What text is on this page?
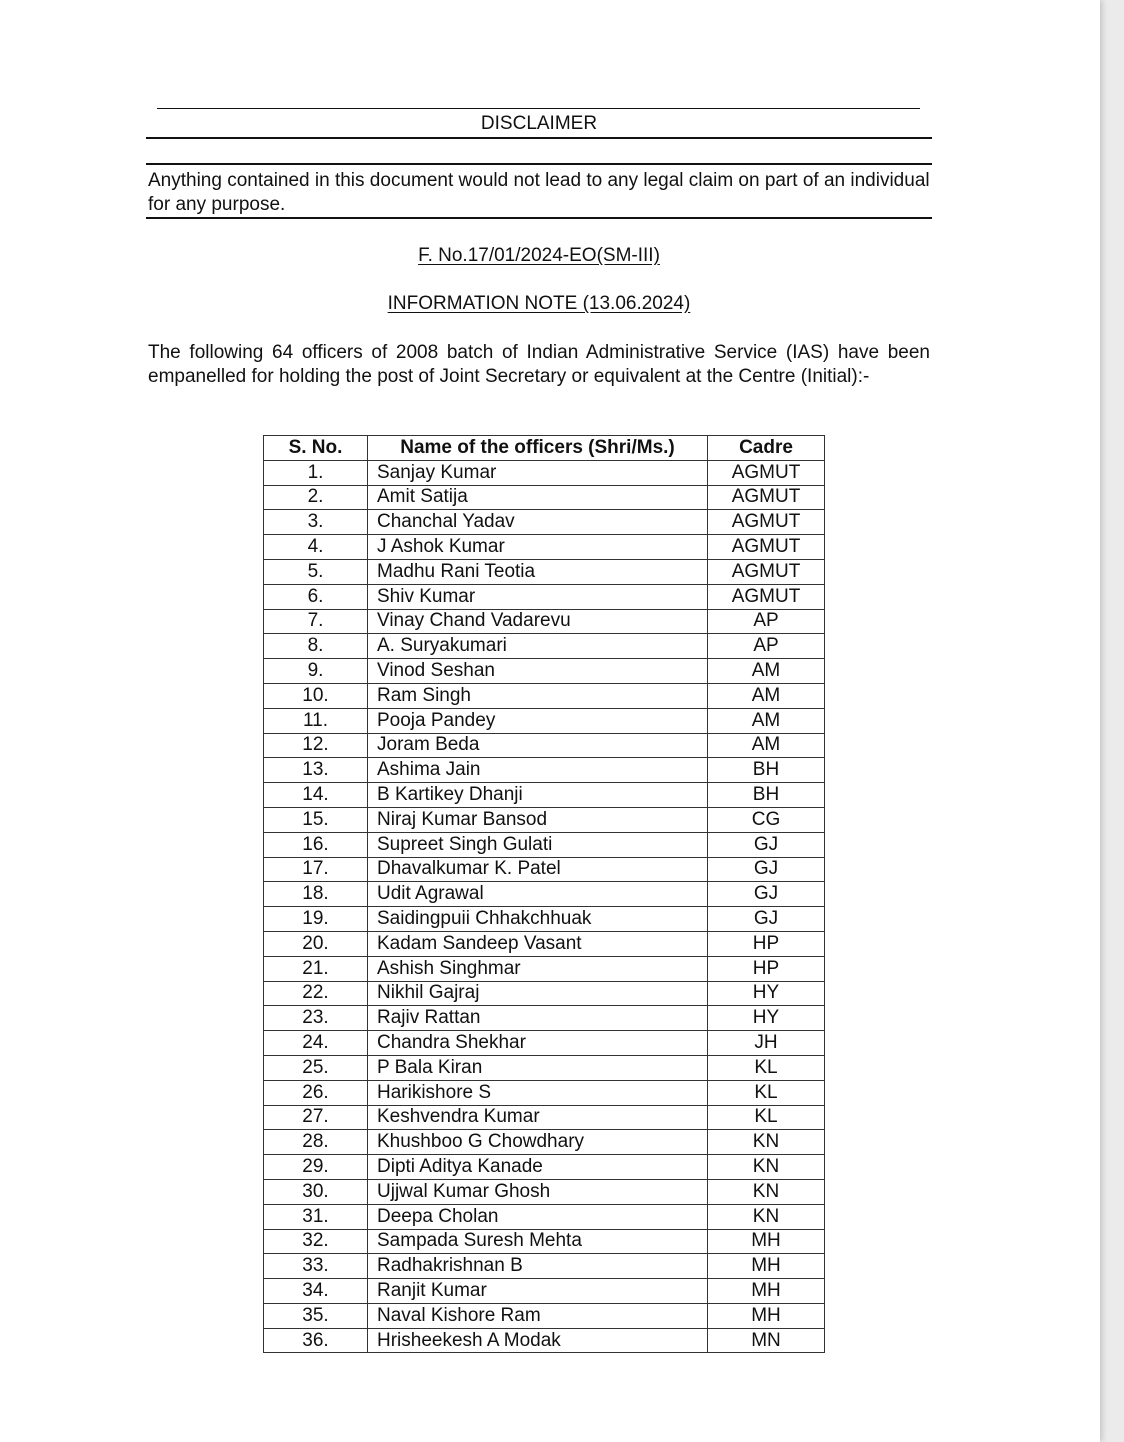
DISCLAIMER
Anything contained in this document would not lead to any legal claim on part of an individual for any purpose.
F. No.17/01/2024-EO(SM-III)
INFORMATION NOTE (13.06.2024)
The following 64 officers of 2008 batch of Indian Administrative Service (IAS) have been empanelled for holding the post of Joint Secretary or equivalent at the Centre (Initial):-
S. No.	Name of the officers (Shri/Ms.)	Cadre
1.	Sanjay Kumar	AGMUT
2.	Amit Satija	AGMUT
3.	Chanchal Yadav	AGMUT
4.	J Ashok Kumar	AGMUT
5.	Madhu Rani Teotia	AGMUT
6.	Shiv Kumar	AGMUT
7.	Vinay Chand Vadarevu	AP
8.	A. Suryakumari	AP
9.	Vinod Seshan	AM
10.	Ram Singh	AM
11.	Pooja Pandey	AM
12.	Joram Beda	AM
13.	Ashima Jain	BH
14.	B Kartikey Dhanji	BH
15.	Niraj Kumar Bansod	CG
16.	Supreet Singh Gulati	GJ
17.	Dhavalkumar K. Patel	GJ
18.	Udit Agrawal	GJ
19.	Saidingpuii Chhakchhuak	GJ
20.	Kadam Sandeep Vasant	HP
21.	Ashish Singhmar	HP
22.	Nikhil Gajraj	HY
23.	Rajiv Rattan	HY
24.	Chandra Shekhar	JH
25.	P Bala Kiran	KL
26.	Harikishore S	KL
27.	Keshvendra Kumar	KL
28.	Khushboo G Chowdhary	KN
29.	Dipti Aditya Kanade	KN
30.	Ujjwal Kumar Ghosh	KN
31.	Deepa Cholan	KN
32.	Sampada Suresh Mehta	MH
33.	Radhakrishnan B	MH
34.	Ranjit Kumar	MH
35.	Naval Kishore Ram	MH
36.	Hrisheekesh A Modak	MN
